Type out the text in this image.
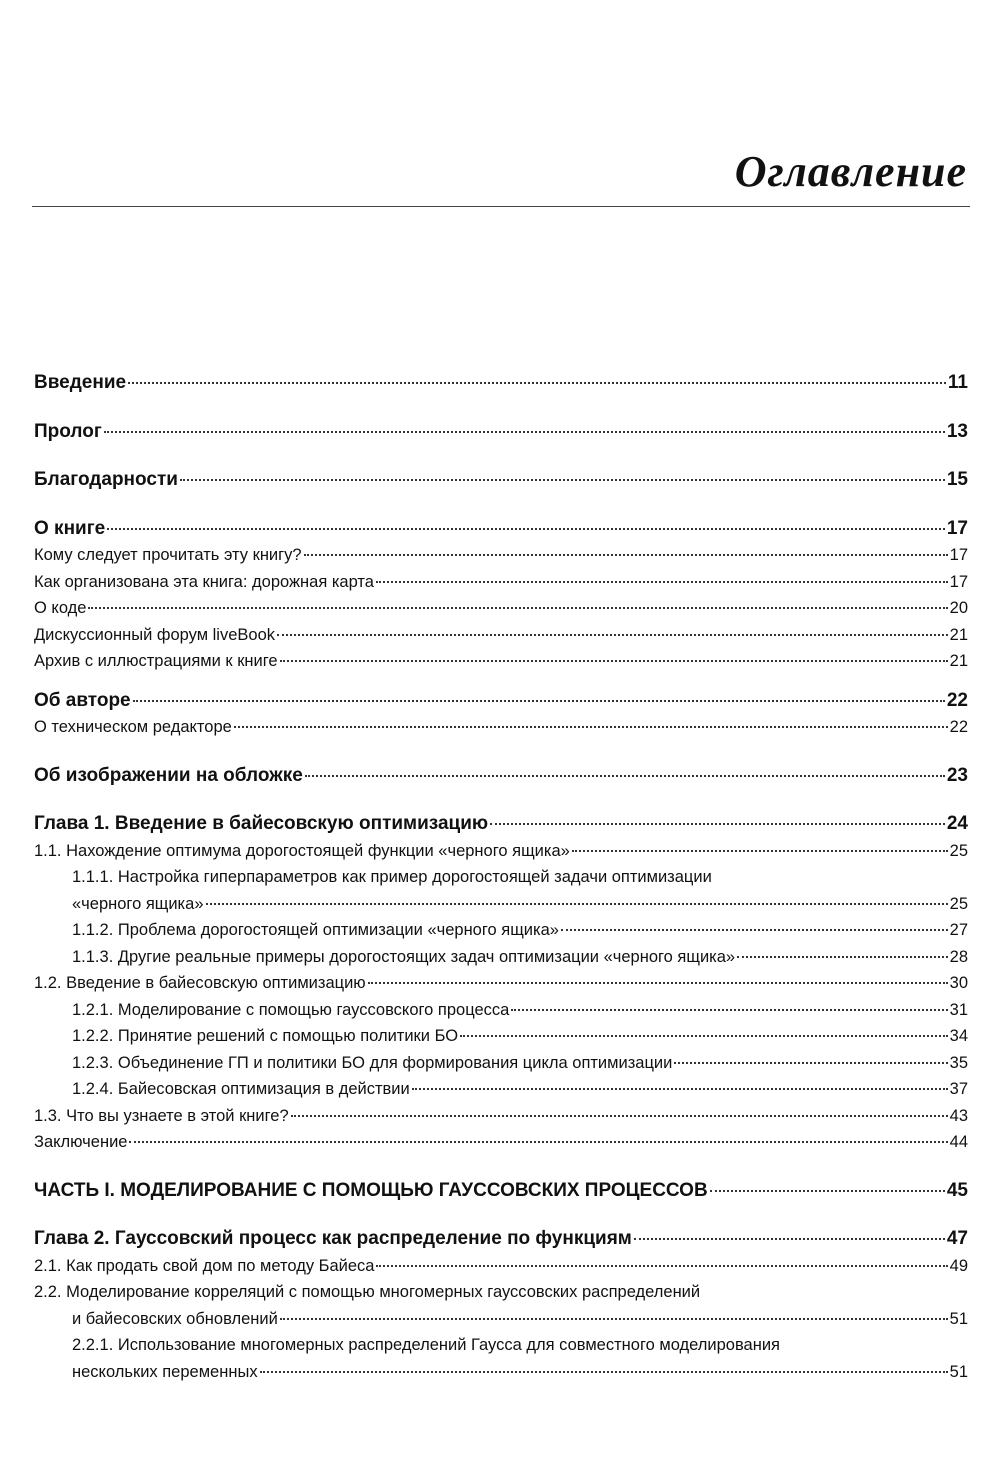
Оглавление
Введение	11
Пролог	13
Благодарности	15
О книге	17
Кому следует прочитать эту книгу?	17
Как организована эта книга: дорожная карта	17
О коде	20
Дискуссионный форум liveBook	21
Архив с иллюстрациями к книге	21
Об авторе	22
О техническом редакторе	22
Об изображении на обложке	23
Глава 1. Введение в байесовскую оптимизацию	24
1.1. Нахождение оптимума дорогостоящей функции «черного ящика»	25
1.1.1. Настройка гиперпараметров как пример дорогостоящей задачи оптимизации
«черного ящика»	25
1.1.2. Проблема дорогостоящей оптимизации «черного ящика»	27
1.1.3. Другие реальные примеры дорогостоящих задач оптимизации «черного ящика»	28
1.2. Введение в байесовскую оптимизацию	30
1.2.1. Моделирование с помощью гауссовского процесса	31
1.2.2. Принятие решений с помощью политики БО	34
1.2.3. Объединение ГП и политики БО для формирования цикла оптимизации	35
1.2.4. Байесовская оптимизация в действии	37
1.3. Что вы узнаете в этой книге?	43
Заключение	44
ЧАСТЬ I. МОДЕЛИРОВАНИЕ С ПОМОЩЬЮ ГАУССОВСКИХ ПРОЦЕССОВ	45
Глава 2. Гауссовский процесс как распределение по функциям	47
2.1. Как продать свой дом по методу Байеса	49
2.2. Моделирование корреляций с помощью многомерных гауссовских распределений
и байесовских обновлений	51
2.2.1. Использование многомерных распределений Гаусса для совместного моделирования
нескольких переменных	51
